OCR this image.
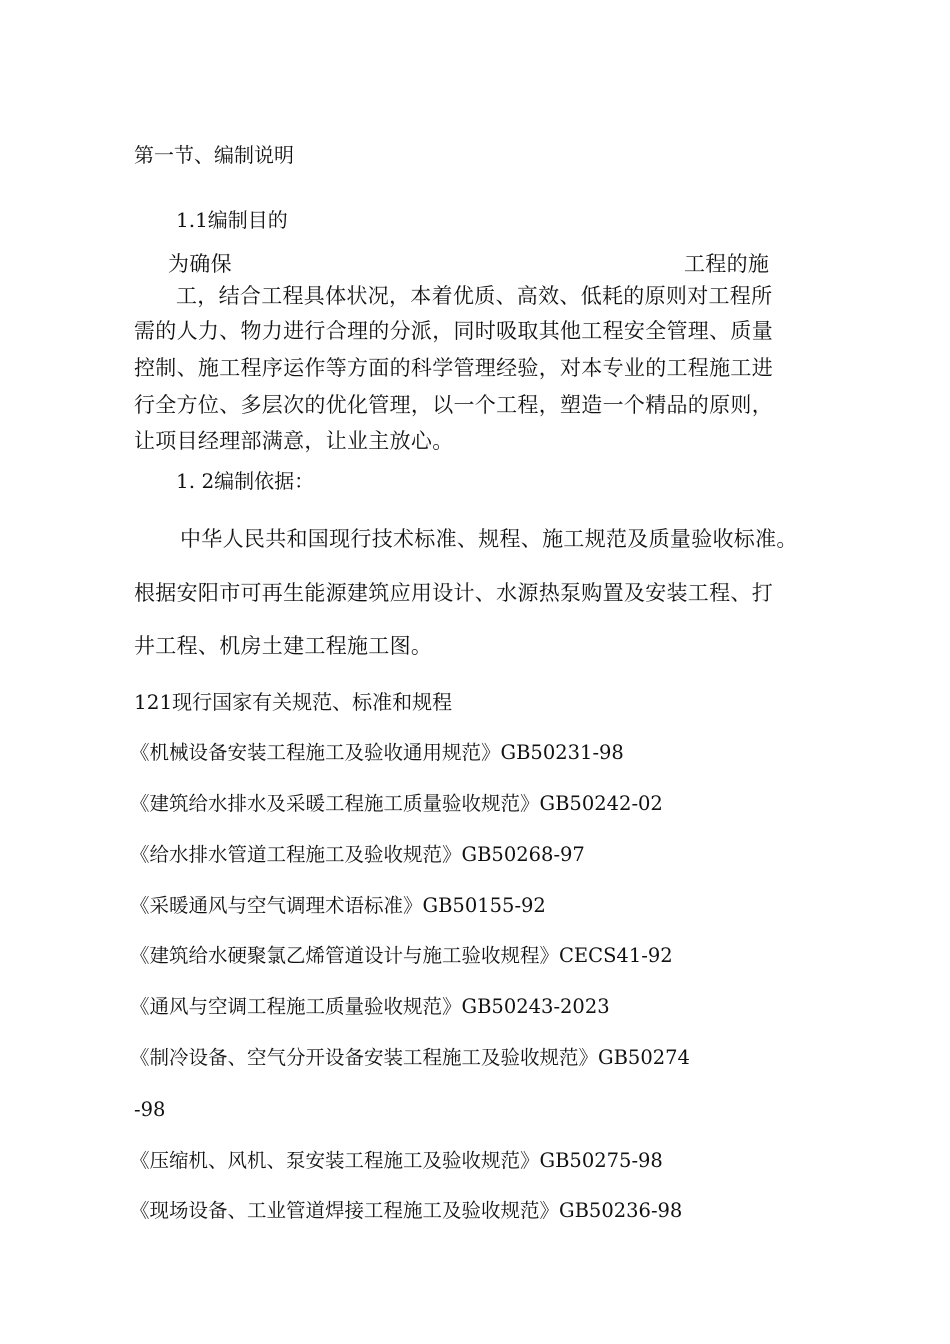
第一节、编制说明
1.1编制目的
为确保	工程的施
工，结合工程具体状况，本着优质、高效、低耗的原则对工程所
需的人力、物力进行合理的分派，同时吸取其他工程安全管理、质量
控制、施工程序运作等方面的科学管理经验，对本专业的工程施工进
行全方位、多层次的优化管理，以一个工程，塑造一个精品的原则，
让项目经理部满意，让业主放心。
1. 2编制依据：
中华人民共和国现行技术标准、规程、施工规范及质量验收标准。
根据安阳市可再生能源建筑应用设计、水源热泵购置及安装工程、打
井工程、机房土建工程施工图。
121现行国家有关规范、标准和规程
《机械设备安装工程施工及验收通用规范》GB50231-98
《建筑给水排水及采暖工程施工质量验收规范》GB50242-02
《给水排水管道工程施工及验收规范》GB50268-97
《采暖通风与空气调理术语标准》GB50155-92
《建筑给水硬聚氯乙烯管道设计与施工验收规程》CECS41-92
《通风与空调工程施工质量验收规范》GB50243-2023
《制冷设备、空气分开设备安装工程施工及验收规范》GB50274
-98
《压缩机、风机、泵安装工程施工及验收规范》GB50275-98
《现场设备、工业管道焊接工程施工及验收规范》GB50236-98
